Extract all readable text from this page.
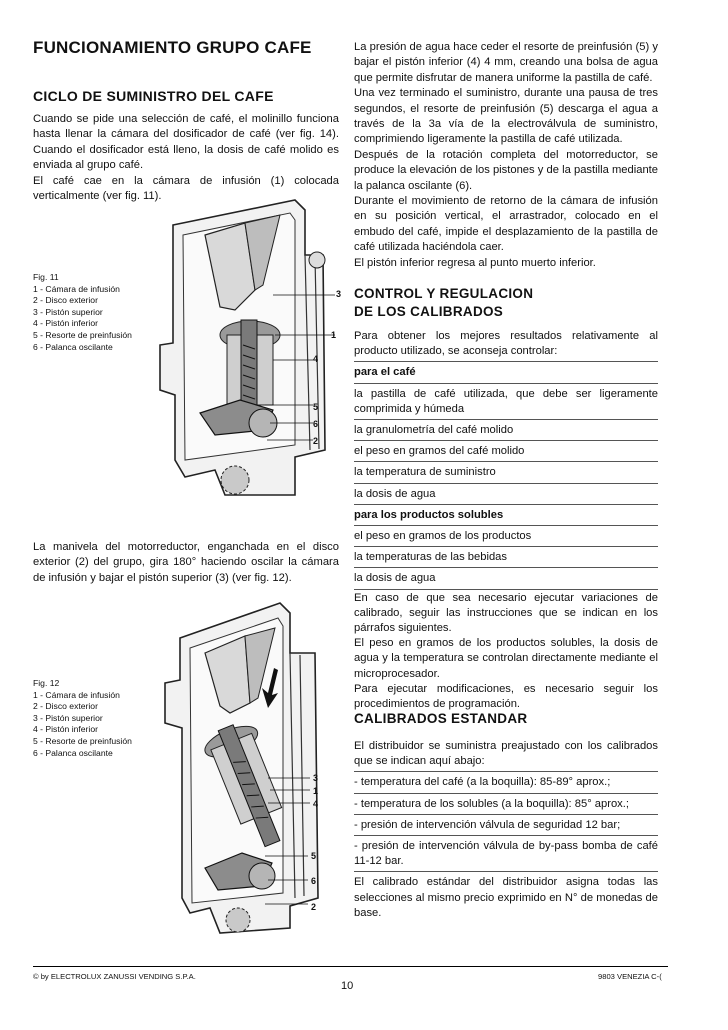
FUNCIONAMIENTO GRUPO CAFE
CICLO DE SUMINISTRO DEL CAFE

Cuando se pide una selección de café, el molinillo funciona hasta llenar la cámara del dosificador de café (ver fig. 14). Cuando el dosificador está lleno, la dosis de café molido es enviada al grupo café.
El café cae en la cámara de infusión (1) colocada verticalmente (ver fig. 11).

Fig. 11
1 - Cámara de infusión
2 - Disco exterior
3 - Pistón superior
4 - Pistón inferior
5 - Resorte de preinfusión
6 - Palanca oscilante
3
1
4
5
6
2

La manivela del motorreductor, enganchada en el disco exterior (2) del grupo, gira 180° haciendo oscilar la cámara de infusión y bajar el pistón superior (3) (ver fig. 12).

Fig. 12
1 - Cámara de infusión
2 - Disco exterior
3 - Pistón superior
4 - Pistón inferior
5 - Resorte de preinfusión
6 - Palanca oscilante
3
1
4
5
6
2

La presión de agua hace ceder el resorte de preinfusión (5) y bajar el pistón inferior (4) 4 mm, creando una bolsa de agua que permite disfrutar de manera uniforme la pastilla de café.
Una vez terminado el suministro, durante una pausa de tres segundos, el resorte de preinfusión (5) descarga el agua a través de la 3a vía de la electroválvula de suministro, comprimiendo ligeramente la pastilla de café utilizada.
Después de la rotación completa del motorreductor, se produce la elevación de los pistones y de la pastilla mediante la palanca oscilante (6).
Durante el movimiento de retorno de la cámara de infusión en su posición vertical, el arrastrador, colocado en el embudo del café, impide el desplazamiento de la pastilla de café utilizada haciéndola caer.
El pistón inferior regresa al punto muerto inferior.

CONTROL Y REGULACION
DE LOS CALIBRADOS
Para obtener los mejores resultados relativamente al producto utilizado, se aconseja controlar:
para el café
la pastilla de café utilizada, que debe ser ligeramente comprimida y húmeda
la granulometría del café molido
el peso en gramos del café molido
la temperatura de suministro
la dosis de agua
para los productos solubles
el peso en gramos de los productos
la temperaturas de las bebidas
la dosis de agua
En caso de que sea necesario ejecutar variaciones de calibrado, seguir las instrucciones que se indican en los párrafos siguientes.
El peso en gramos de los productos solubles, la dosis de agua y la temperatura se controlan directamente mediante el microprocesador.
Para ejecutar modificaciones, es necesario seguir los procedimientos de programación.
CALIBRADOS ESTANDAR
El distribuidor se suministra preajustado con los calibrados que se indican aquí abajo:
- temperatura del café (a la boquilla): 85-89° aprox.;
- temperatura de los solubles (a la boquilla): 85° aprox.;
- presión de intervención válvula de seguridad 12 bar;
- presión de intervención válvula de by-pass bomba de café 11-12 bar.
El calibrado estándar del distribuidor asigna todas las selecciones al mismo precio exprimido en N° de monedas de base.
© by ELECTROLUX ZANUSSI VENDING S.P.A.
10
9803 VENEZIA C-(
